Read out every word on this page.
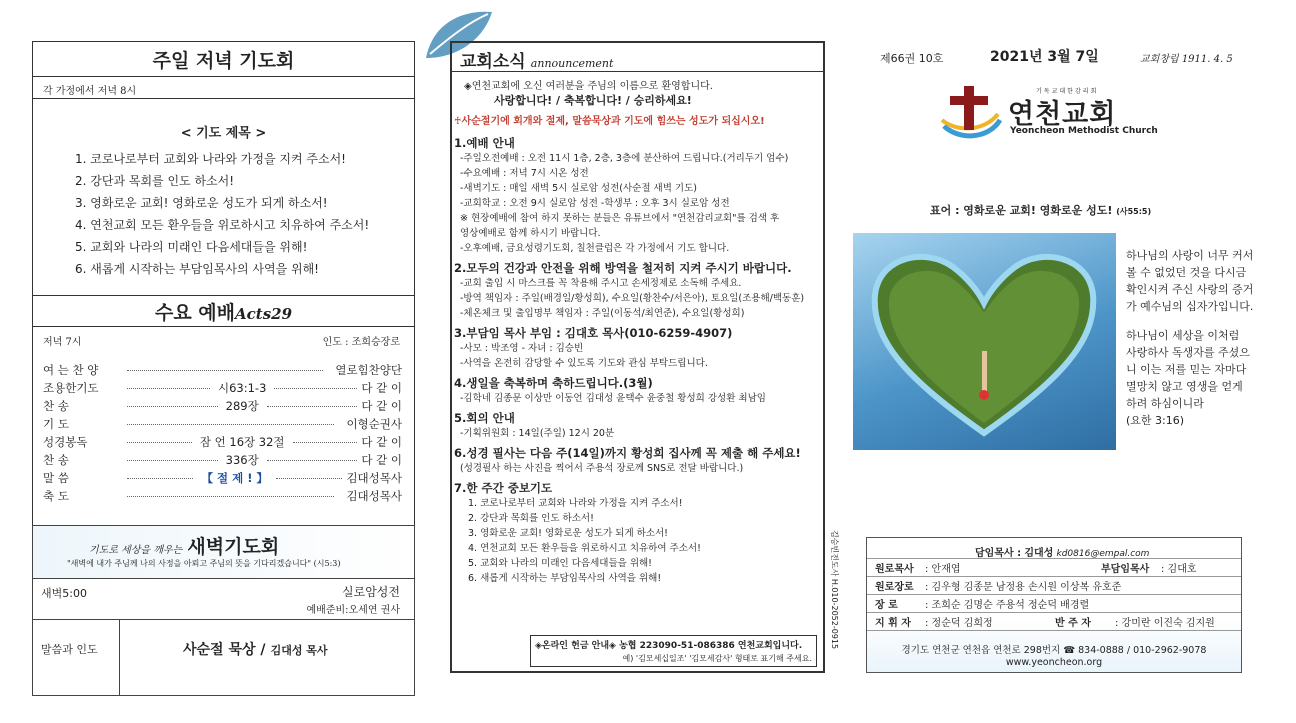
주일 저녁 기도회
각 가정에서 저녁 8시
< 기도 제목 >
1. 코로나로부터 교회와 나라와 가정을 지켜 주소서!
2. 강단과 목회를 인도 하소서!
3. 영화로운 교회! 영화로운 성도가 되게 하소서!
4. 연천교회 모든 환우들을 위로하시고 치유하여 주소서!
5. 교회와 나라의 미래인 다음세대들을 위해!
6. 새롭게 시작하는 부담임목사의 사역을 위해!
수요 예배Acts29
저녁 7시	인도 : 조희승장로
여 는 찬 양	열로힘찬양단
조용한기도	시63:1-3	다 같 이
찬 송	289장	다 같 이
기 도	이형순권사
성경봉독	잠 언 16장 32절	다 같 이
찬 송	336장	다 같 이
말 씀	【 절 제 ! 】	김대성목사
축 도	김대성목사
기도로 세상을 깨우는 새벽기도회
"새벽에 내가 주님께 나의 사정을 아뢰고 주님의 뜻을 기다리겠습니다" (시5:3)
새벽5:00	실로암성전
예배준비:오세연 권사
말씀과 인도	사순절 묵상 / 김대성 목사
교회소식 announcement
◈연천교회에 오신 여러분을 주님의 이름으로 환영합니다.
사랑합니다! / 축복합니다! / 승리하세요!
♰사순절기에 회개와 절제, 말씀묵상과 기도에 힘쓰는 성도가 되십시오!
1.예배 안내
-주일오전예배 : 오전 11시 1층, 2층, 3층에 분산하여 드립니다.(거리두기 엄수)
-수요예배 : 저녁 7시 시온 성전
-새벽기도 : 매일 새벽 5시 실로암 성전(사순절 새벽 기도)
-교회학교 : 오전 9시 실로암 성전 -학생부 : 오후 3시 실로암 성전
※ 현장예배에 참여 하지 못하는 분들은 유튜브에서 "연천감리교회"를 검색 후
영상예배로 함께 하시기 바랍니다.
-오후예배, 금요성령기도회, 칠천클럽은 각 가정에서 기도 합니다.
2.모두의 건강과 안전을 위해 방역을 철저히 지켜 주시기 바랍니다.
-교회 출입 시 마스크를 꼭 착용해 주시고 손세정제로 소독해 주세요.
-방역 책임자 : 주일(배경일/황성희), 수요일(황찬수/서은아), 토요일(조용해/백동훈)
-체온체크 및 출입명부 책임자 : 주일(이동석/최연준), 수요일(황성희)
3.부담임 목사 부임 : 김대호 목사(010-6259-4907)
-사모 : 박조영 - 자녀 : 김승빈
-사역을 온전히 감당할 수 있도록 기도와 관심 부탁드립니다.
4.생일을 축복하며 축하드립니다.(3월)
-김학네 김종문 이상만 이동언 김대성 윤택수 윤중철 황성희 강성환 최남임
5.회의 안내
-기획위원회 : 14일(주일) 12시 20분
6.성경 필사는 다음 주(14일)까지 황성희 집사께 꼭 제출 해 주세요!
(성경필사 하는 사진을 찍어서 주용석 장로께 SNS로 전달 바랍니다.)
7.한 주간 중보기도
1. 코로나로부터 교회와 나라와 가정을 지켜 주소서!
2. 강단과 목회를 인도 하소서!
3. 영화로운 교회! 영화로운 성도가 되게 하소서!
4. 연천교회 모든 환우들을 위로하시고 치유하여 주소서!
5. 교회와 나라의 미래인 다음세대들을 위해!
6. 새롭게 시작하는 부담임목사의 사역을 위해!
◈온라인 헌금 안내◈ 농협 223090-51-086386 연천교회입니다.
예) '김모세십일조' '김모세감사' 형태로 표기해 주세요.
제66권 10호	2021년 3월 7일	교회창립 1911. 4. 5
기독교대한감리회
연천교회
Yeoncheon Methodist Church
표어 : 영화로운 교회! 영화로운 성도! (사55:5)
하나님의 사랑이 너무 커서
볼 수 없었던 것을 다시금
확인시켜 주신 사랑의 증거
가 예수님의 십자가입니다.
하나님이 세상을 이처럼
사랑하사 독생자를 주셨으
니 이는 저를 믿는 자마다
멸망치 않고 영생을 얻게
하려 하심이니라
(요한 3:16)
김승빈전도사 H.010-2052-0915	담임목사 : 김대성 kd0816@empal.com
원로목사	: 안재엽	부담임목사	: 김대호
원로장로	: 김우형 김종문 남정용 손시원 이상복 유호준
장 로	: 조희순 김명순 주용석 정순덕 배경렬
지 휘 자	: 정순덕 김희정	반 주 자	: 강미란 이진숙 김지원
경기도 연천군 연천읍 연천로 298번지 ☎ 834-0888 / 010-2962-9078
www.yeoncheon.org
